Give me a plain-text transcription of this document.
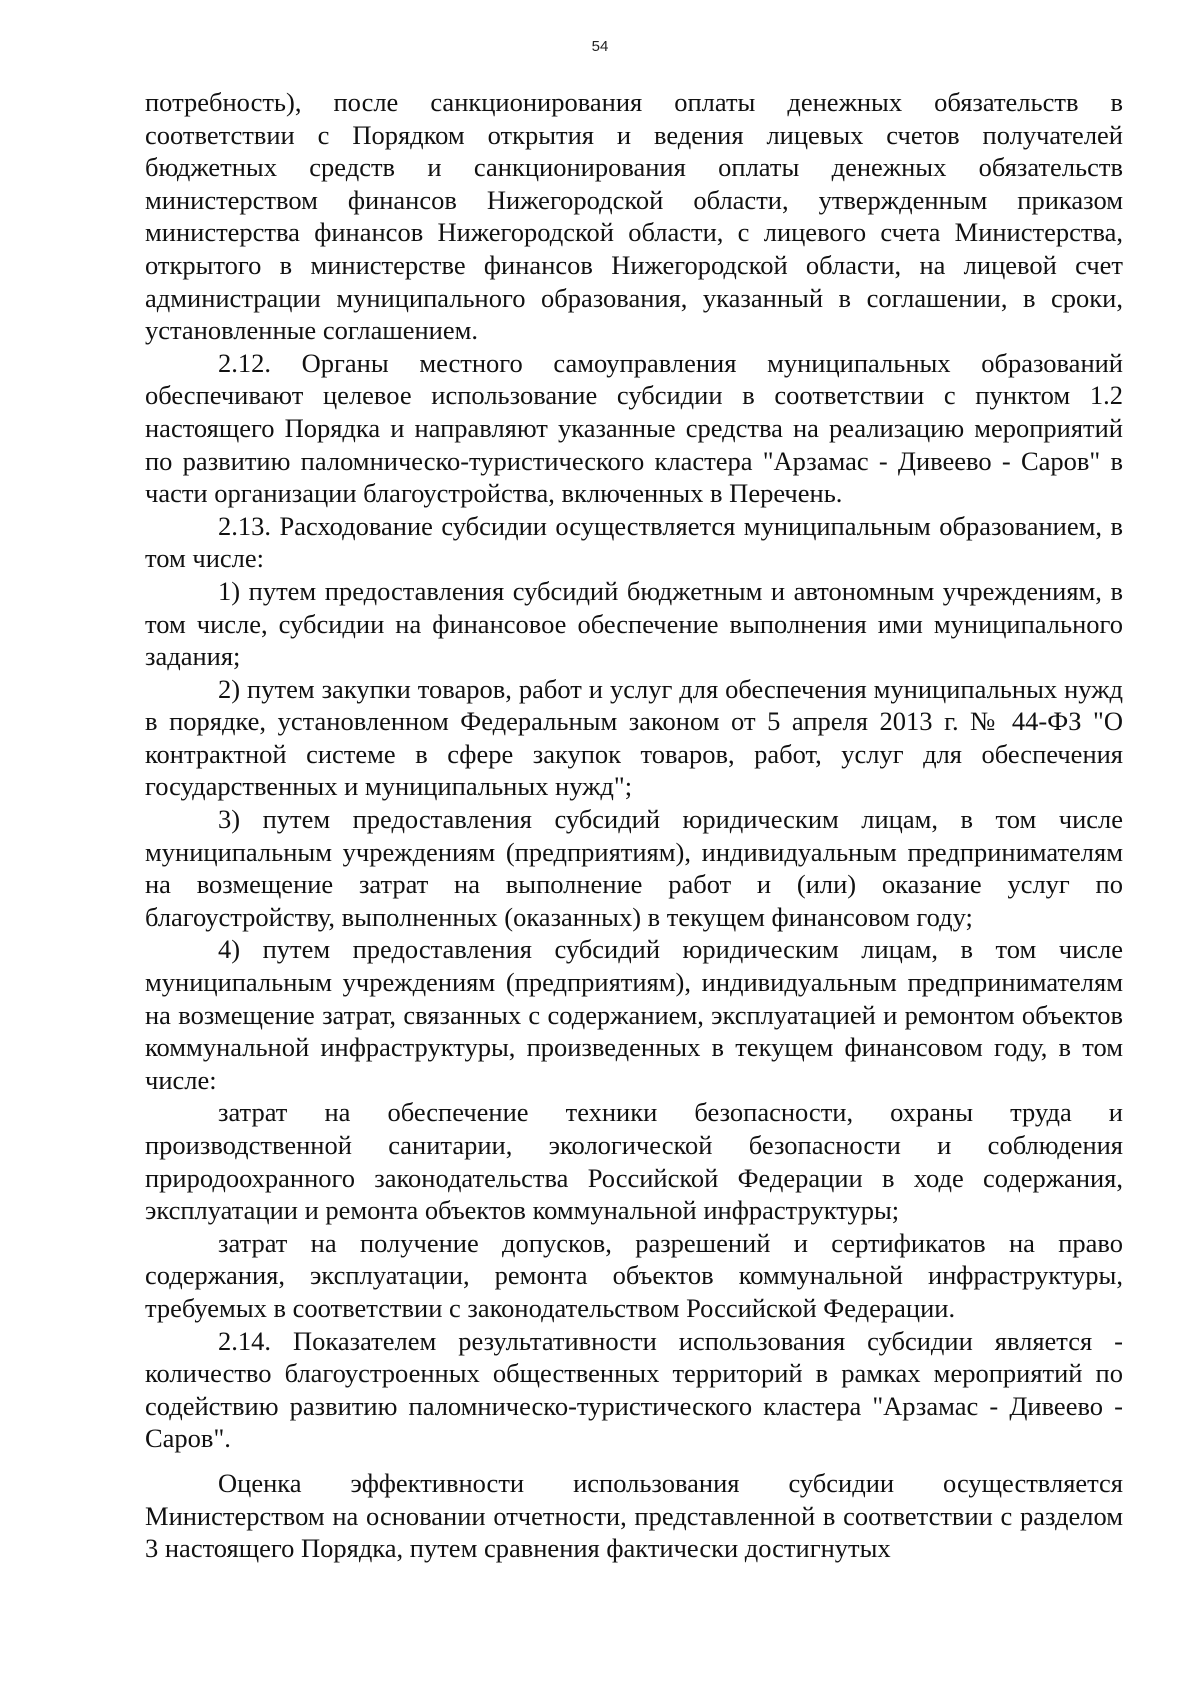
54

потребность), после санкционирования оплаты денежных обязательств в соответствии с Порядком открытия и ведения лицевых счетов получателей бюджетных средств и санкционирования оплаты денежных обязательств министерством финансов Нижегородской области, утвержденным приказом министерства финансов Нижегородской области, с лицевого счета Министерства, открытого в министерстве финансов Нижегородской области, на лицевой счет администрации муниципального образования, указанный в соглашении, в сроки, установленные соглашением.

2.12. Органы местного самоуправления муниципальных образований обеспечивают целевое использование субсидии в соответствии с пунктом 1.2 настоящего Порядка и направляют указанные средства на реализацию мероприятий по развитию паломническо-туристического кластера "Арзамас - Дивеево - Саров" в части организации благоустройства, включенных в Перечень.

2.13. Расходование субсидии осуществляется муниципальным образованием, в том числе:

1) путем предоставления субсидий бюджетным и автономным учреждениям, в том числе, субсидии на финансовое обеспечение выполнения ими муниципального задания;

2) путем закупки товаров, работ и услуг для обеспечения муниципальных нужд в порядке, установленном Федеральным законом от 5 апреля 2013 г. № 44-ФЗ "О контрактной системе в сфере закупок товаров, работ, услуг для обеспечения государственных и муниципальных нужд";

3) путем предоставления субсидий юридическим лицам, в том числе муниципальным учреждениям (предприятиям), индивидуальным предпринимателям на возмещение затрат на выполнение работ и (или) оказание услуг по благоустройству, выполненных (оказанных) в текущем финансовом году;

4) путем предоставления субсидий юридическим лицам, в том числе муниципальным учреждениям (предприятиям), индивидуальным предпринимателям на возмещение затрат, связанных с содержанием, эксплуатацией и ремонтом объектов коммунальной инфраструктуры, произведенных в текущем финансовом году, в том числе:

затрат на обеспечение техники безопасности, охраны труда и производственной санитарии, экологической безопасности и соблюдения природоохранного законодательства Российской Федерации в ходе содержания, эксплуатации и ремонта объектов коммунальной инфраструктуры;

затрат на получение допусков, разрешений и сертификатов на право содержания, эксплуатации, ремонта объектов коммунальной инфраструктуры, требуемых в соответствии с законодательством Российской Федерации.

2.14. Показателем результативности использования субсидии является - количество благоустроенных общественных территорий в рамках мероприятий по содействию развитию паломническо-туристического кластера "Арзамас - Дивеево - Саров".

Оценка эффективности использования субсидии осуществляется Министерством на основании отчетности, представленной в соответствии с разделом 3 настоящего Порядка, путем сравнения фактически достигнутых
